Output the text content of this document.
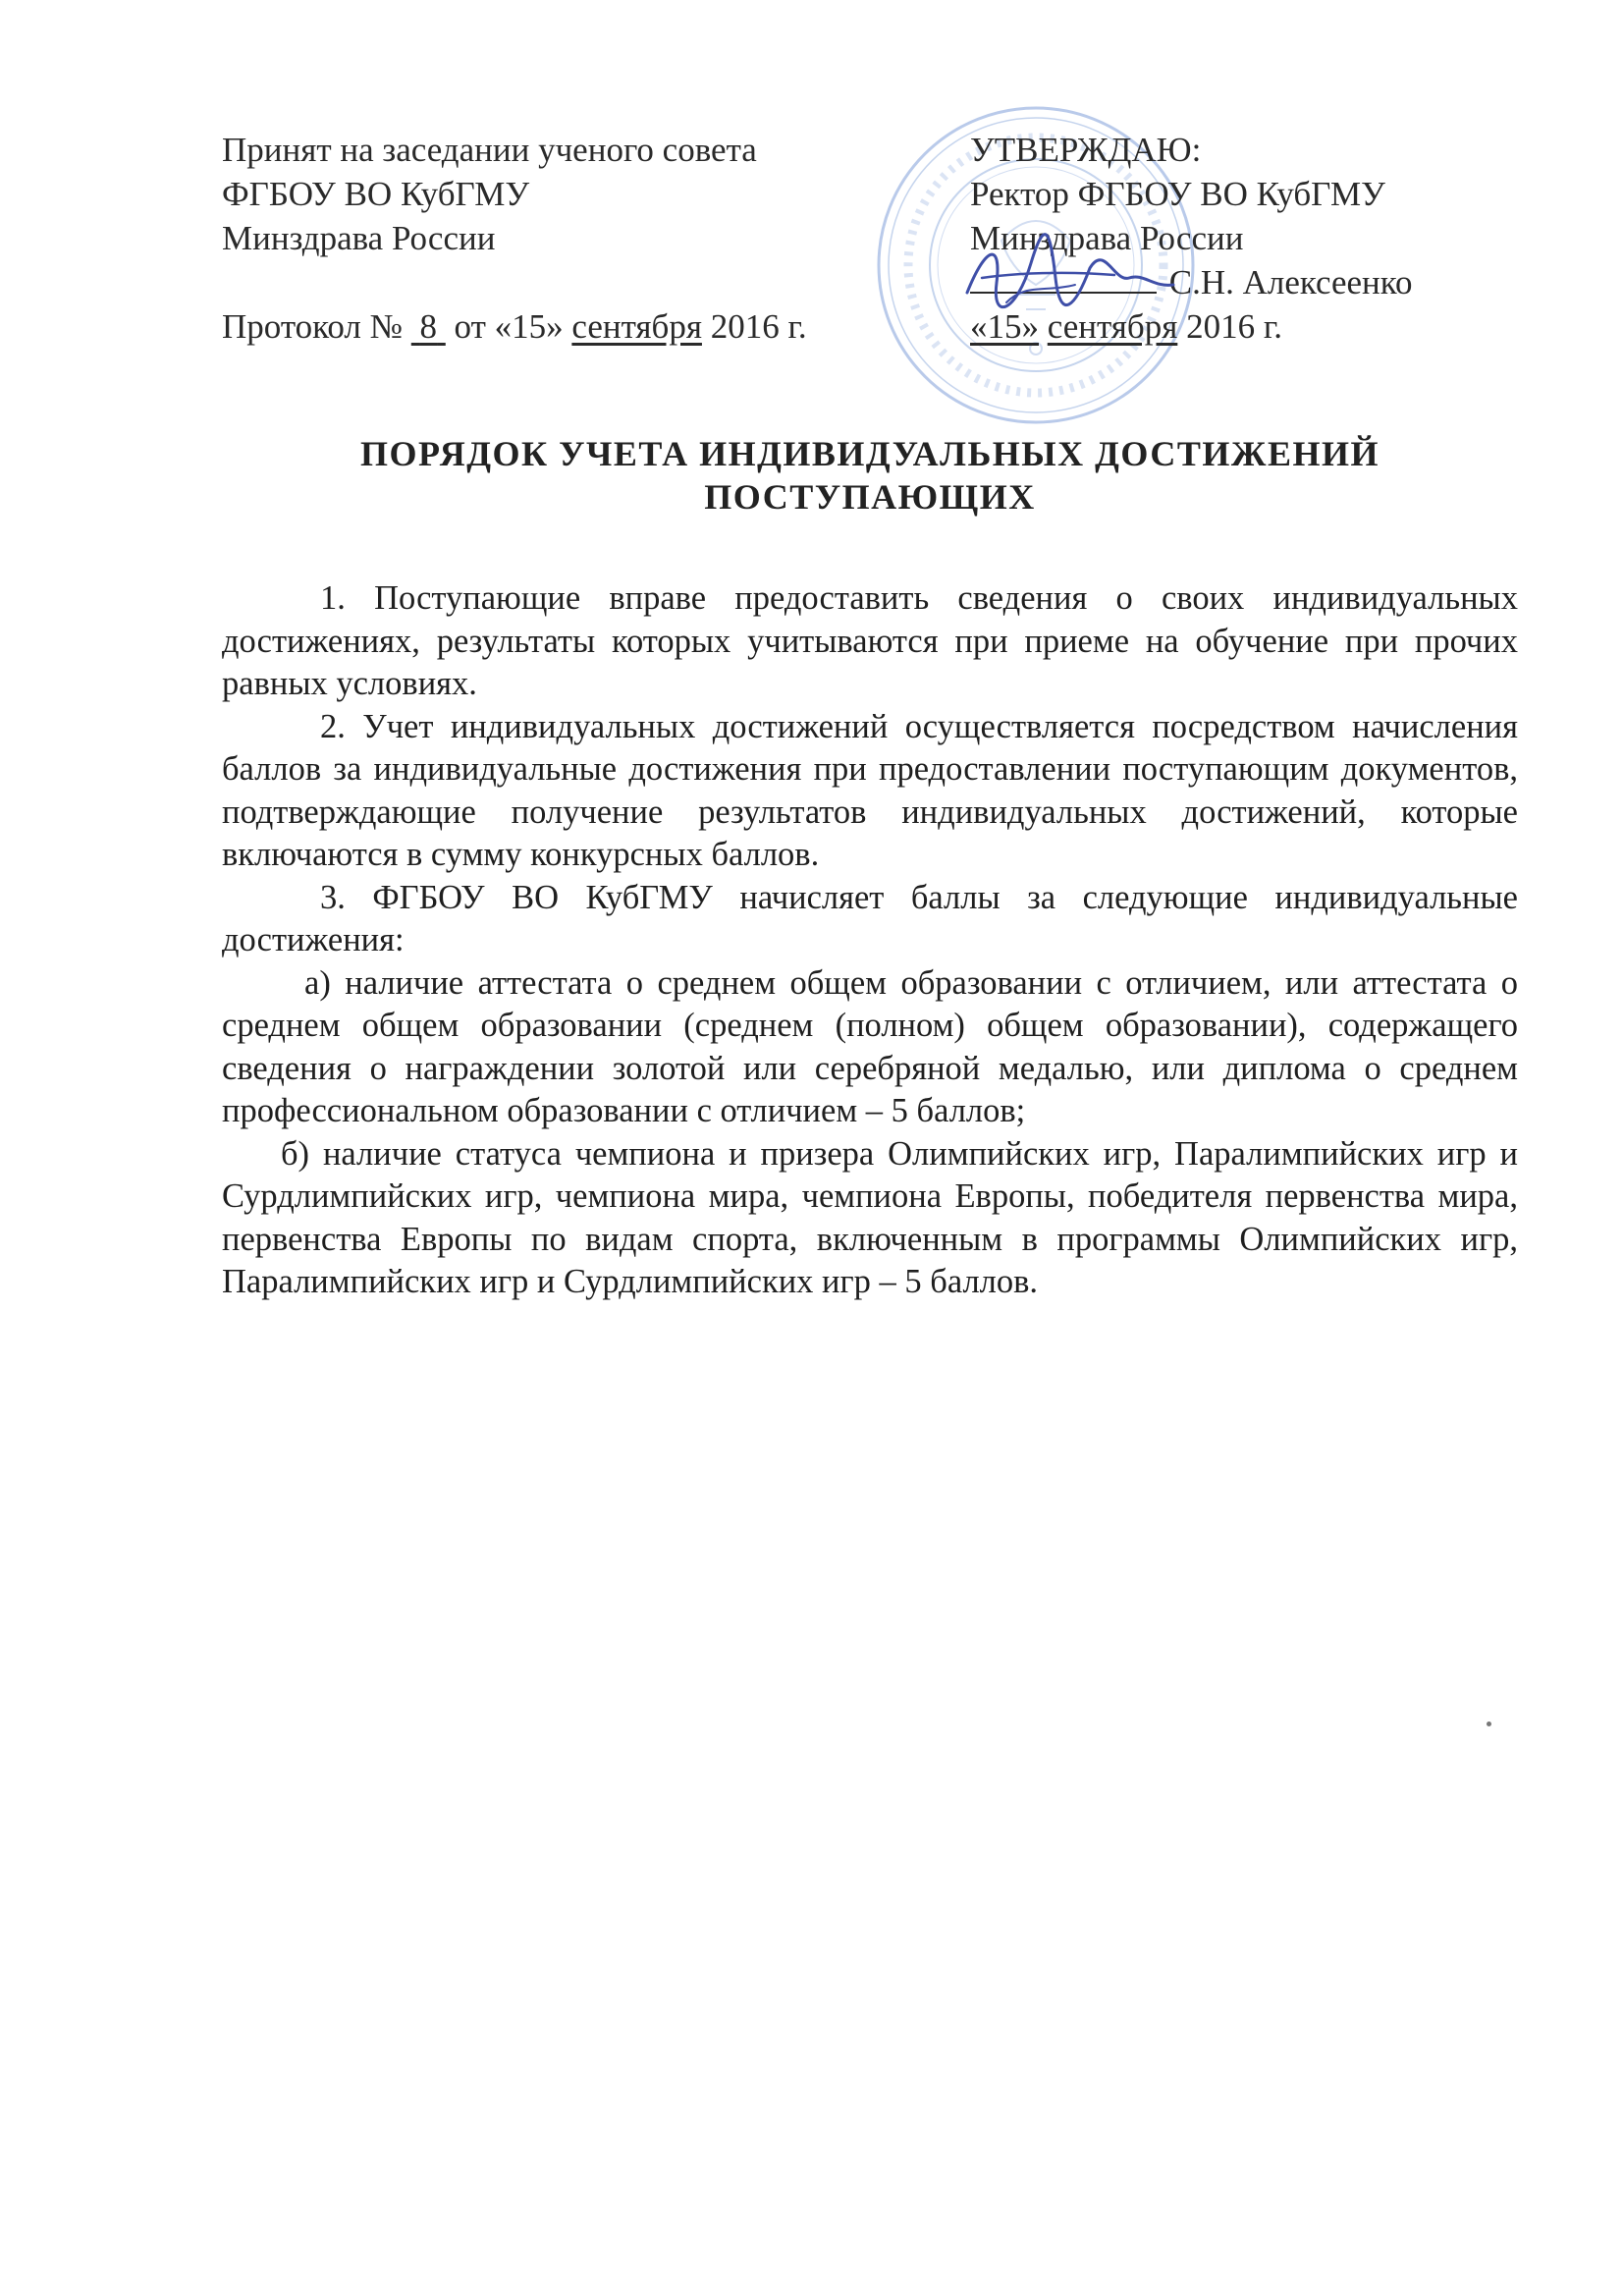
Принят на заседании ученого совета
ФГБОУ ВО КубГМУ
Минздрава России
Протокол № 8 от «15» сентября 2016 г.
УТВЕРЖДАЮ:
Ректор ФГБОУ ВО КубГМУ
Минздрава России
С.Н. Алексеенко
«15» сентября 2016 г.
ПОРЯДОК УЧЕТА ИНДИВИДУАЛЬНЫХ ДОСТИЖЕНИЙ
ПОСТУПАЮЩИХ

1. Поступающие вправе предоставить сведения о своих индивидуальных достижениях, результаты которых учитываются при приеме на обучение при прочих равных условиях.

2. Учет индивидуальных достижений осуществляется посредством начисления баллов за индивидуальные достижения при предоставлении поступающим документов, подтверждающие получение результатов индивидуальных достижений, которые включаются в сумму конкурсных баллов.

3. ФГБОУ ВО КубГМУ начисляет баллы за следующие индивидуальные достижения:

а) наличие аттестата о среднем общем образовании с отличием, или аттестата о среднем общем образовании (среднем (полном) общем образовании), содержащего сведения о награждении золотой или серебряной медалью, или диплома о среднем профессиональном образовании с отличием – 5 баллов;

б) наличие статуса чемпиона и призера Олимпийских игр, Паралимпийских игр и Сурдлимпийских игр, чемпиона мира, чемпиона Европы, победителя первенства мира, первенства Европы по видам спорта, включенным в программы Олимпийских игр, Паралимпийских игр и Сурдлимпийских игр – 5 баллов.
